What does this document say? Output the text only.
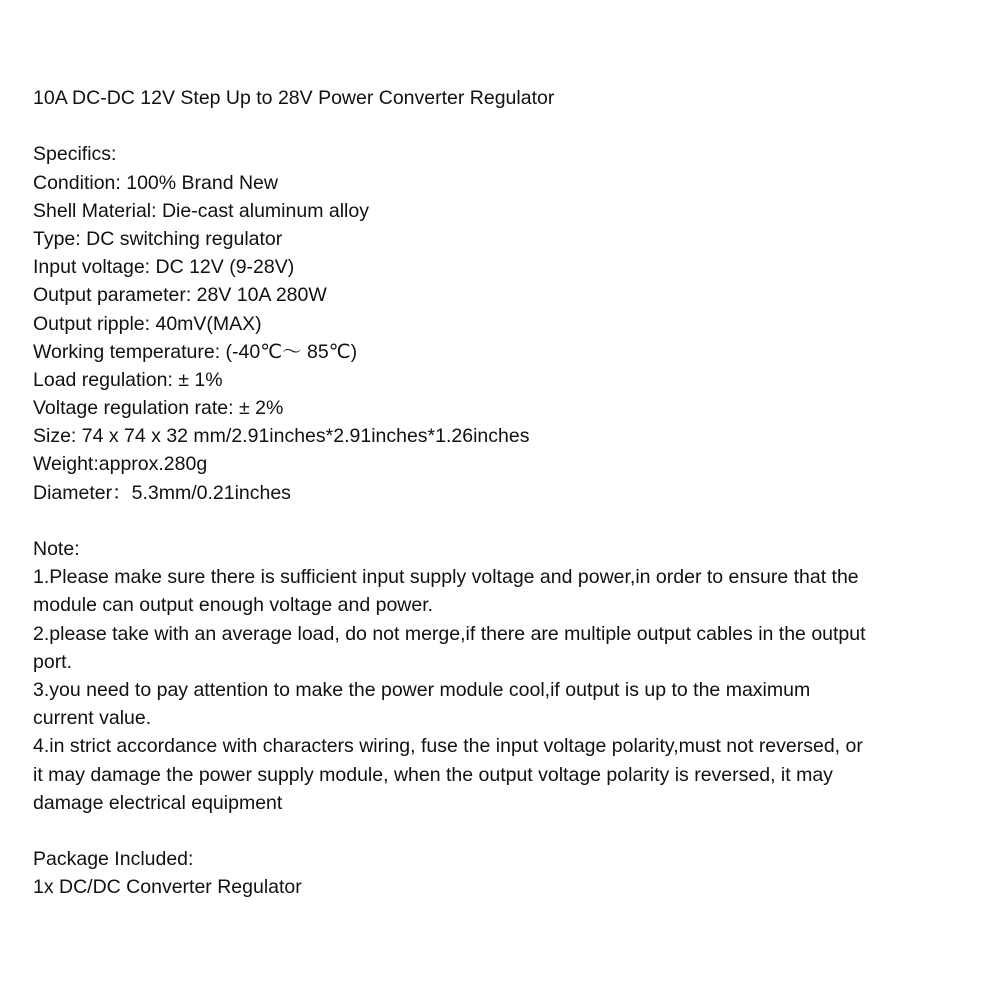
10A DC-DC 12V Step Up to 28V Power Converter Regulator
Specifics:
Condition: 100% Brand New
Shell Material: Die-cast aluminum alloy
Type: DC switching regulator
Input voltage: DC 12V (9-28V)
Output parameter: 28V 10A 280W
Output ripple: 40mV(MAX)
Working temperature: (-40℃～ 85℃)
Load regulation: ± 1%
Voltage regulation rate: ± 2%
Size: 74 x 74 x 32 mm/2.91inches*2.91inches*1.26inches
Weight:approx.280g
Diameter：5.3mm/0.21inches
Note:
1.Please make sure there is sufficient input supply voltage and power,in order to ensure that the
module can output enough voltage and power.
2.please take with an average load, do not merge,if there are multiple output cables in the output
port.
3.you need to pay attention to make the power module cool,if output is up to the maximum
current value.
4.in strict accordance with characters wiring, fuse the input voltage polarity,must not reversed, or
it may damage the power supply module, when the output voltage polarity is reversed, it may
damage electrical equipment
Package Included:
1x DC/DC Converter Regulator
